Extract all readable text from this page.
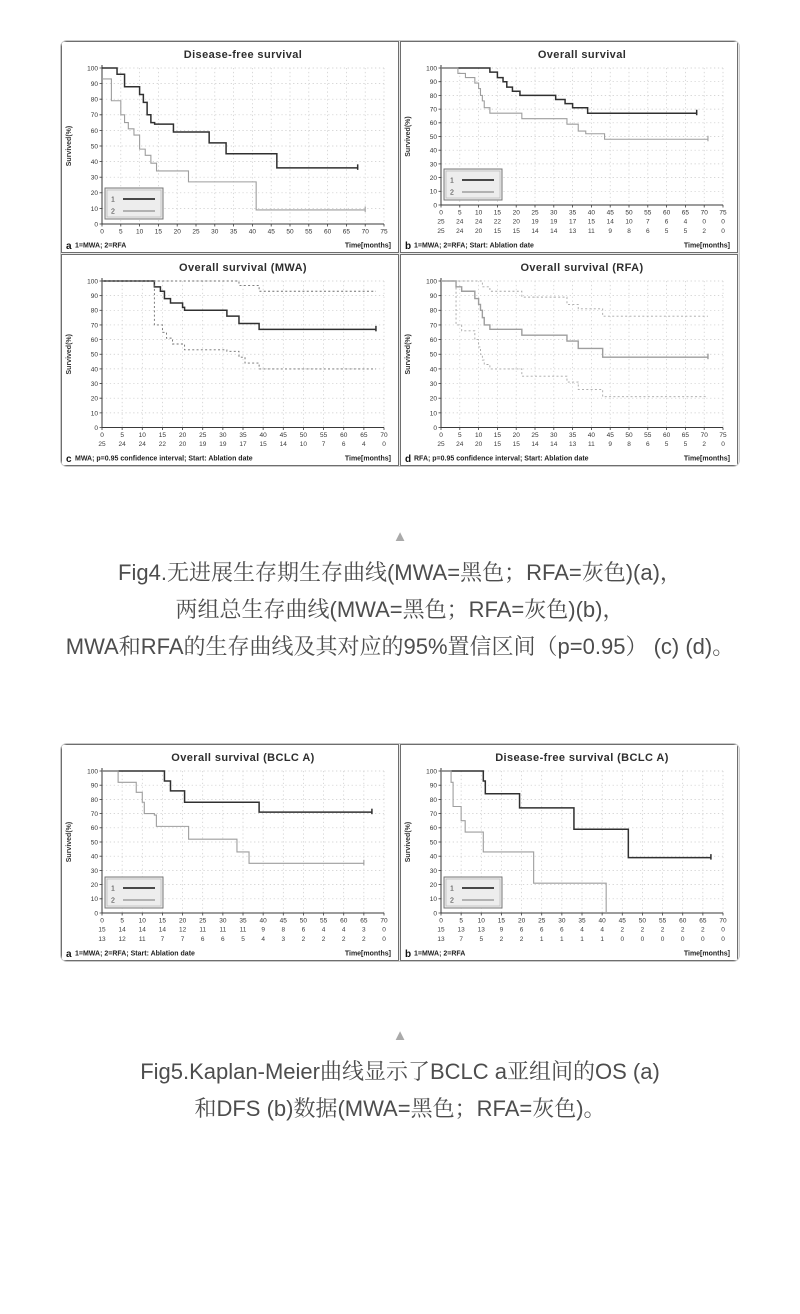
Disease-free survival
0
10
20
30
40
50
60
70
80
90
100
0 5 10 15 20 25 30 35 40 45 50 55 60 65 70 75
Survived(%)
1
2
1=MWA; 2=RFA	Time[months]
a
Overall survival
0
10
20
30
40
50
60
70
80
90
100
0
25
25
5
24
24
10
24
20
15
22
15
20
20
15
25
19
14
30
19
14
35
17
13
40
15
11
45
14
9
50
10
8
55
7
6
60
6
5
65
4
5
70
0
2
75
0
0
Survived(%)
1
2
1=MWA; 2=RFA; Start: Ablation date	Time[months]
b
Overall survival (MWA)
0
10
20
30
40
50
60
70
80
90
100
0
25
5
24
10
24
15
22
20
20
25
19
30
19
35
17
40
15
45
14
50
10
55
7
60
6
65
4
70
0
Survived(%)
MWA; p=0.95 confidence interval; Start: Ablation date	Time[months]
c
Overall survival (RFA)
0
10
20
30
40
50
60
70
80
90
100
0
25
5
24
10
20
15
15
20
15
25
14
30
14
35
13
40
11
45
9
50
8
55
6
60
5
65
5
70
2
75
0
Survived(%)
RFA; p=0.95 confidence interval; Start: Ablation date	Time[months]
d
▲
Fig4.无进展生存期生存曲线(MWA=黑色；RFA=灰色)(a)，
两组总生存曲线(MWA=黑色；RFA=灰色)(b)，
MWA和RFA的生存曲线及其对应的95%置信区间（p=0.95） (c) (d)。
Overall survival (BCLC A)
0
10
20
30
40
50
60
70
80
90
100
0
15
13
5
14
12
10
14
11
15
14
7
20
12
7
25
11
6
30
11
6
35
11
5
40
9
4
45
8
3
50
6
2
55
4
2
60
4
2
65
3
2
70
0
0
Survived(%)
1
2
1=MWA; 2=RFA; Start: Ablation date	Time[months]
a
Disease-free survival (BCLC A)
0
10
20
30
40
50
60
70
80
90
100
0
15
13
5
13
7
10
13
5
15
9
2
20
6
2
25
6
1
30
6
1
35
4
1
40
4
1
45
2
0
50
2
0
55
2
0
60
2
0
65
2
0
70
0
0
Survived(%)
1
2
1=MWA; 2=RFA	Time[months]
b
▲
Fig5.Kaplan-Meier曲线显示了BCLC a亚组间的OS (a)
和DFS (b)数据(MWA=黑色；RFA=灰色)。
